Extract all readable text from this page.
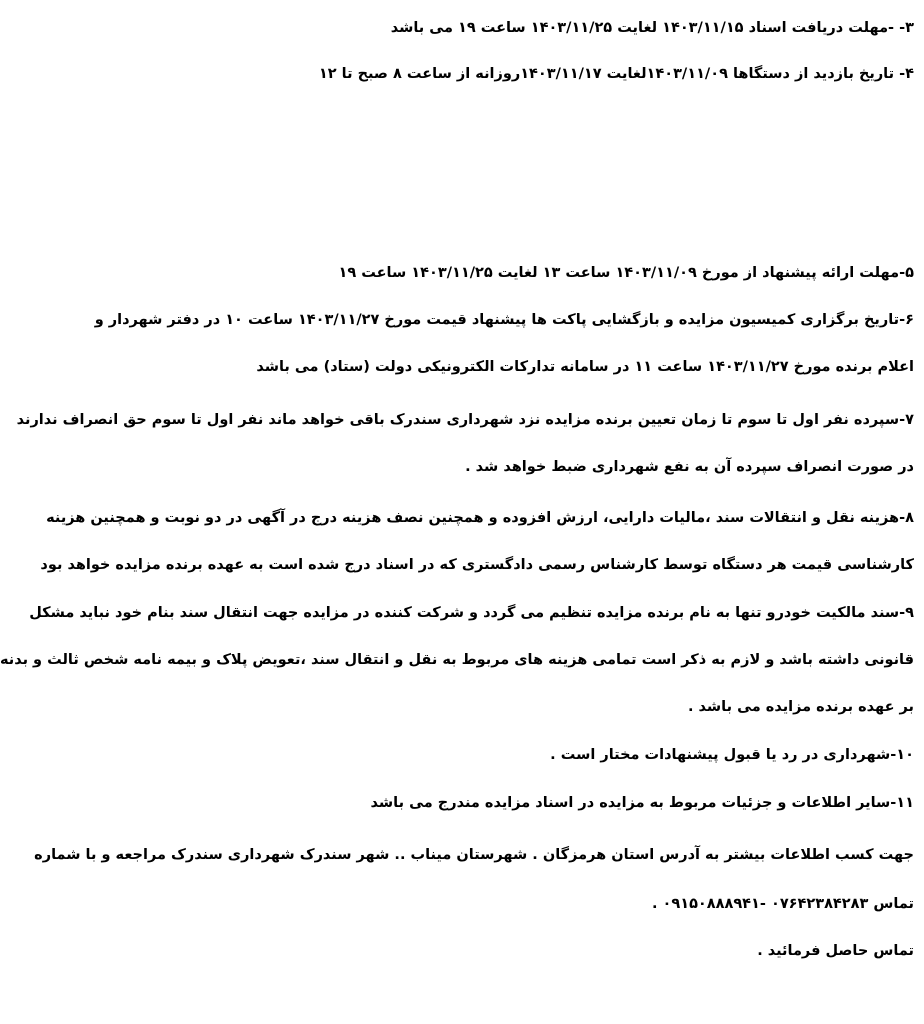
۳- -مهلت دریافت اسناد ۱۴۰۳/۱۱/۱۵ لغایت ۱۴۰۳/۱۱/۲۵ ساعت ۱۹ می باشد
۴- تاریخ بازدید از دستگاها ۱۴۰۳/۱۱/۰۹لغایت ۱۴۰۳/۱۱/۱۷روزانه از ساعت ۸ صبح تا ۱۲
۵-مهلت ارائه پیشنهاد از مورخ ۱۴۰۳/۱۱/۰۹ ساعت ۱۳ لغایت ۱۴۰۳/۱۱/۲۵ ساعت ۱۹
۶-تاریخ برگزاری کمیسیون مزایده و بازگشایی پاکت ها پیشنهاد قیمت مورخ ۱۴۰۳/۱۱/۲۷ ساعت ۱۰ در دفتر شهردار و
اعلام برنده مورخ ۱۴۰۳/۱۱/۲۷ ساعت ۱۱ در سامانه تدارکات الکترونیکی دولت (ستاد) می باشد
۷-سپرده نفر اول تا سوم تا زمان تعیین برنده مزایده نزد شهرداری سندرک باقی خواهد ماند نفر اول تا سوم حق انصراف ندارند
در صورت انصراف سپرده آن به نفع شهرداری ضبط خواهد شد .
۸-هزینه نقل و انتقالات سند ،مالیات دارایی، ارزش افزوده و همچنین نصف هزینه درج در آگهی در دو نوبت و همچنین هزینه
کارشناسی قیمت هر دستگاه توسط کارشناس رسمی دادگستری که در اسناد درج شده است به عهده برنده مزایده خواهد بود
۹-سند مالکیت خودرو تنها به نام برنده مزایده تنظیم می گردد و شرکت کننده در مزایده جهت انتقال سند بنام خود نباید مشکل
قانونی داشته باشد و لازم به ذکر است تمامی هزینه های مربوط به نقل و انتقال سند ،تعویض پلاک و بیمه نامه شخص ثالث و بدنه
بر عهده برنده مزایده می باشد .
۱۰-شهرداری در رد یا قبول پیشنهادات مختار است .
۱۱-سایر اطلاعات و جزئیات مربوط به مزایده در اسناد مزایده مندرج می باشد
جهت کسب اطلاعات بیشتر به آدرس استان هرمزگان . شهرستان میناب .. شهر سندرک شهرداری سندرک مراجعه و با شماره
تماس ۰۷۶۴۲۳۸۴۲۸۳ -۰۹۱۵۰۸۸۸۹۴۱ .
تماس حاصل فرمائید .
